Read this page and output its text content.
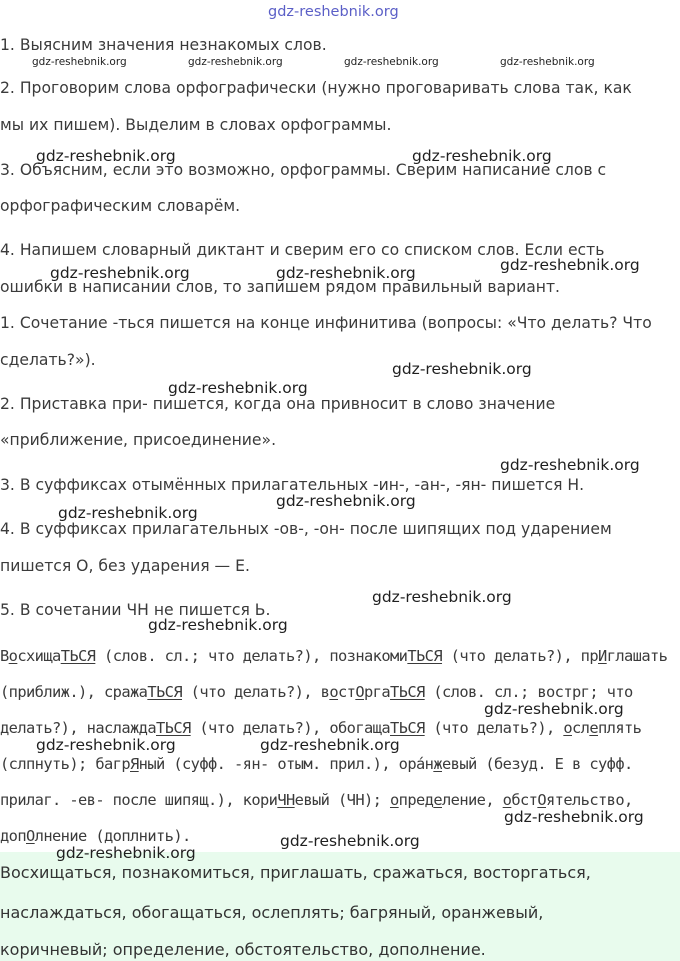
gdz-reshebnik.org

1. Выясним значения незнакомых слов.

2. Проговорим слова орфографически (нужно проговаривать слова так, как

мы их пишем). Выделим в словах орфограммы.

3. Объясним, если это возможно, орфограммы. Сверим написание слов с

орфографическим словарём.

4. Напишем словарный диктант и сверим его со списком слов. Если есть

ошибки в написании слов, то запишем рядом правильный вариант.

1. Сочетание -ться пишется на конце инфинитива (вопросы: «Что делать? Что

сделать?»).

2. Приставка при- пишется, когда она привносит в слово значение

«приближение, присоединение».

3. В суффиксах отымённых прилагательных -ин-, -ан-, -ян- пишется Н.

4. В суффиксах прилагательных -ов-, -он- после шипящих под ударением

пишется О, без ударения — Е.

5. В сочетании ЧН не пишется Ь.

ВосхищаТЬСЯ (слов. сл.; что делать?), познакомиТЬСЯ (что делать?), прИглашать

(приближ.), сражаТЬСЯ (что делать?), востОргаТЬСЯ (слов. сл.; вострг; что

делать?), наслаждаТЬСЯ (что делать?), обогащаТЬСЯ (что делать?), ослеплять

(слпнуть); багрЯный (суфф. -ян- отым. прил.), ора́нжевый (безуд. Е в суфф.

прилаг. -ев- после шипящ.), кориЧНевый (ЧН); определение, обстОятельство,

допОлнение (доплнить).

Восхищаться, познакомиться, приглашать, сражаться, восторгаться,

наслаждаться, обогащаться, ослеплять; багряный, оранжевый,

коричневый; определение, обстоятельство, дополнение.

gdz-reshebnik.org	gdz-reshebnik.org	gdz-reshebnik.org	gdz-reshebnik.org
gdz-reshebnik.org	gdz-reshebnik.org
gdz-reshebnik.org	gdz-reshebnik.org	gdz-reshebnik.org
gdz-reshebnik.org
gdz-reshebnik.org
gdz-reshebnik.org
gdz-reshebnik.org
gdz-reshebnik.org
gdz-reshebnik.org
gdz-reshebnik.org
gdz-reshebnik.org
gdz-reshebnik.org	gdz-reshebnik.org
gdz-reshebnik.org
gdz-reshebnik.org
gdz-reshebnik.org
